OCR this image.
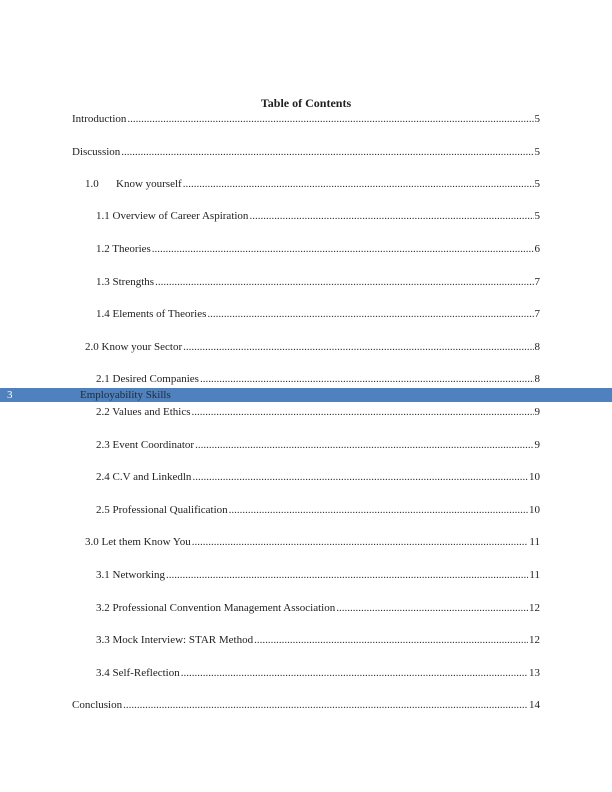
Table of Contents
Introduction .....	5
Discussion .....	5
1.0 Know yourself .....	5
1.1 Overview of Career Aspiration .....	5
1.2 Theories .....	6
1.3 Strengths .....	7
1.4 Elements of Theories .....	7
2.0 Know your Sector .....	8
2.1 Desired Companies .....	8
3	Employability Skills
2.2 Values and Ethics .....	9
2.3 Event Coordinator .....	9
2.4 C.V and Linkedln .....	10
2.5 Professional Qualification .....	10
3.0 Let them Know You .....	11
3.1 Networking .....	11
3.2 Professional Convention Management Association .....	12
3.3 Mock Interview: STAR Method .....	12
3.4 Self-Reflection .....	13
Conclusion .....	14
